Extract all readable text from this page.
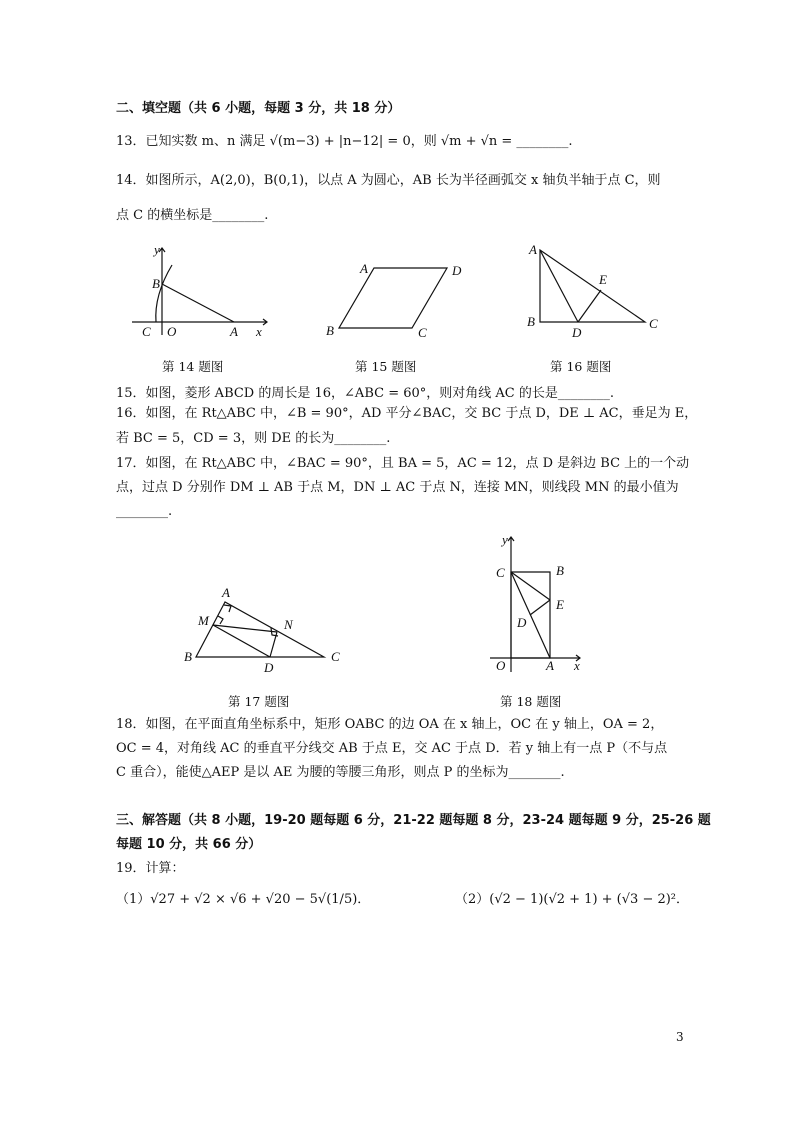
二、填空题（共 6 小题，每题 3 分，共 18 分）
13．已知实数 m、n 满足 √(m−3) + |n−12| = 0，则 √m + √n = ________.
14．如图所示，A(2,0)，B(0,1)，以点 A 为圆心，AB 长为半径画弧交 x 轴负半轴于点 C，则
点 C 的横坐标是________.
y
B
C O	A x
第 14 题图
A	D
B	C
第 15 题图
A
E
B
D
C
第 16 题图
15．如图，菱形 ABCD 的周长是 16，∠ABC = 60°，则对角线 AC 的长是________.
16．如图，在 Rt△ABC 中，∠B = 90°，AD 平分∠BAC，交 BC 于点 D，DE ⊥ AC，垂足为 E，
若 BC = 5，CD = 3，则 DE 的长为________.
17．如图，在 Rt△ABC 中，∠BAC = 90°，且 BA = 5，AC = 12，点 D 是斜边 BC 上的一个动
点，过点 D 分别作 DM ⊥ AB 于点 M，DN ⊥ AC 于点 N，连接 MN，则线段 MN 的最小值为
________.
A
M	N
B
D
C
第 17 题图
y
C	B
E
D
O	A x
第 18 题图
18．如图，在平面直角坐标系中，矩形 OABC 的边 OA 在 x 轴上，OC 在 y 轴上，OA = 2，
OC = 4，对角线 AC 的垂直平分线交 AB 于点 E，交 AC 于点 D．若 y 轴上有一点 P（不与点
C 重合），能使△AEP 是以 AE 为腰的等腰三角形，则点 P 的坐标为________.
三、解答题（共 8 小题，19-20 题每题 6 分，21-22 题每题 8 分，23-24 题每题 9 分，25-26 题
每题 10 分，共 66 分）
19．计算：
（1）√27 + √2 × √6 + √20 − 5√(1/5)．	（2）(√2 − 1)(√2 + 1) + (√3 − 2)²．
3
